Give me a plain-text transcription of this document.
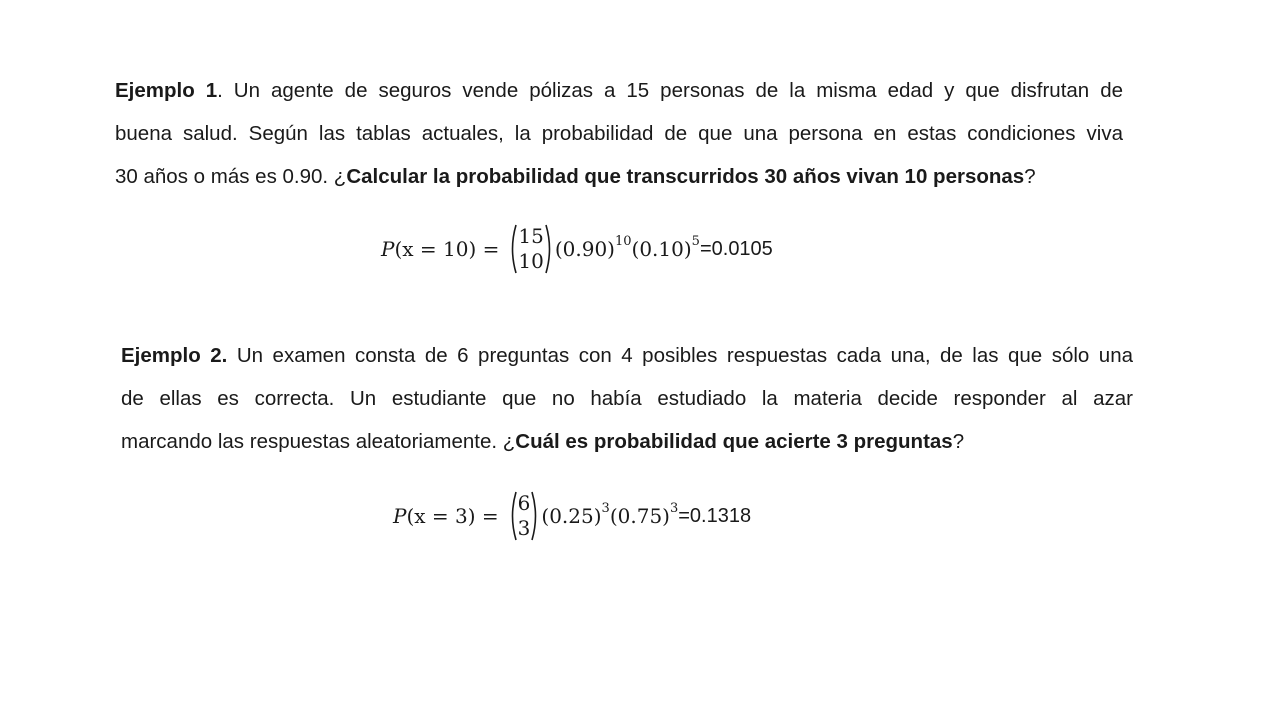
Ejemplo 1. Un agente de seguros vende pólizas a 15 personas de la misma edad y que disfrutan de
buena salud. Según las tablas actuales, la probabilidad de que una persona en estas condiciones viva
30 años o más es 0.90. ¿Calcular la probabilidad que transcurridos 30 años vivan 10 personas?
P (x = 10) =
15
10 $(0.90)^{10}$ $(0.10)^5 =0.0105$
Ejemplo 2. Un examen consta de 6 preguntas con 4 posibles respuestas cada una, de las que sólo una
de ellas es correcta. Un estudiante que no había estudiado la materia decide responder al azar
marcando las respuestas aleatoriamente. ¿Cuál es probabilidad que acierte 3 preguntas?
P (x = 3) =
6
3 $(0.25)^3$ $(0.75)^3 =0.1318$
